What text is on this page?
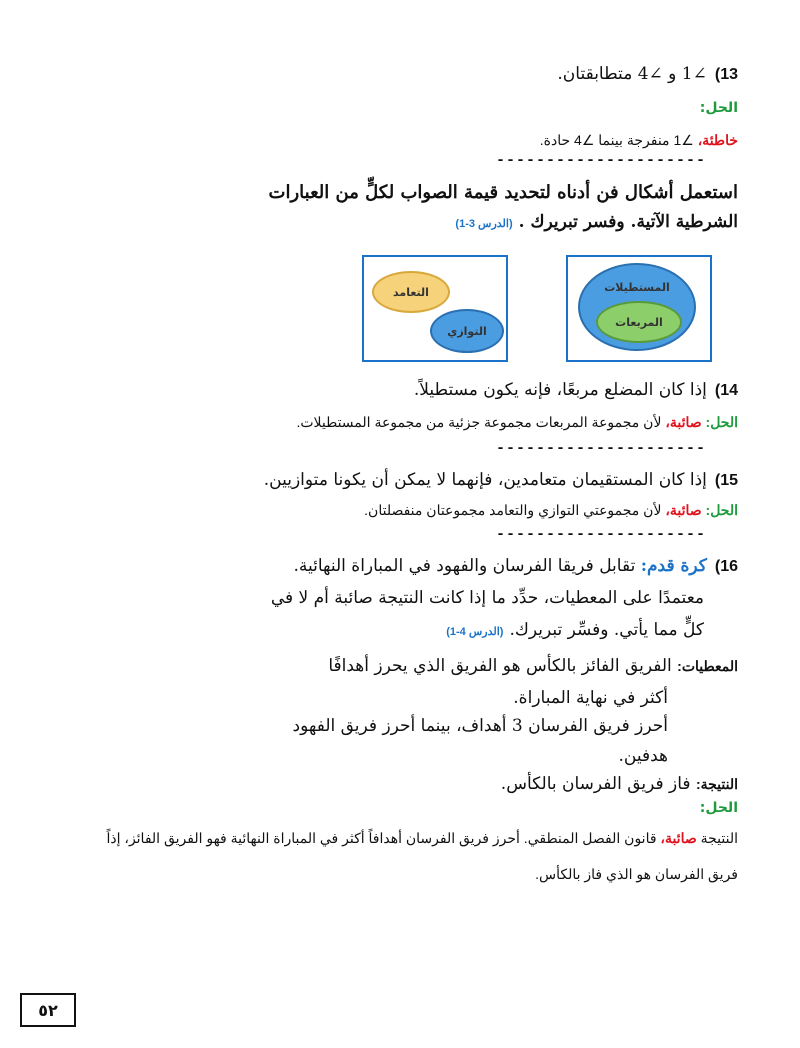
13)∠1 و ∠4 متطابقتان.
الحل:
خاطئة، ∠1 منفرجة بينما ∠4 حادة.
---------------------
استعمل أشكال فن أدناه لتحديد قيمة الصواب لكلٍّ من العبارات
الشرطية الآتية. وفسر تبريرك .(الدرس 3-1)
المستطيلات
المربعات
التعامد
التوازي
14)إذا كان المضلع مربعًا، فإنه يكون مستطيلاً.
الحل: صائبة، لأن مجموعة المربعات مجموعة جزئية من مجموعة المستطيلات.
---------------------
15)إذا كان المستقيمان متعامدين، فإنهما لا يمكن أن يكونا متوازيين.
الحل: صائبة، لأن مجموعتي التوازي والتعامد مجموعتان منفصلتان.
---------------------
16)كرة قدم: تقابل فريقا الفرسان والفهود في المباراة النهائية.
معتمدًا على المعطيات، حدِّد ما إذا كانت النتيجة صائبة أم لا في
كلٍّ مما يأتي. وفسِّر تبريرك.(الدرس 4-1)
المعطيات: الفريق الفائز بالكأس هو الفريق الذي يحرز أهدافًا
أكثر في نهاية المباراة.
أحرز فريق الفرسان 3 أهداف، بينما أحرز فريق الفهود
هدفين.
النتيجة: فاز فريق الفرسان بالكأس.
الحل:
النتيجة صائبة، قانون الفصل المنطقي. أحرز فريق الفرسان أهدافاً أكثر في المباراة النهائية فهو الفريق الفائز، إذاً
فريق الفرسان هو الذي فاز بالكأس.
٥٢
